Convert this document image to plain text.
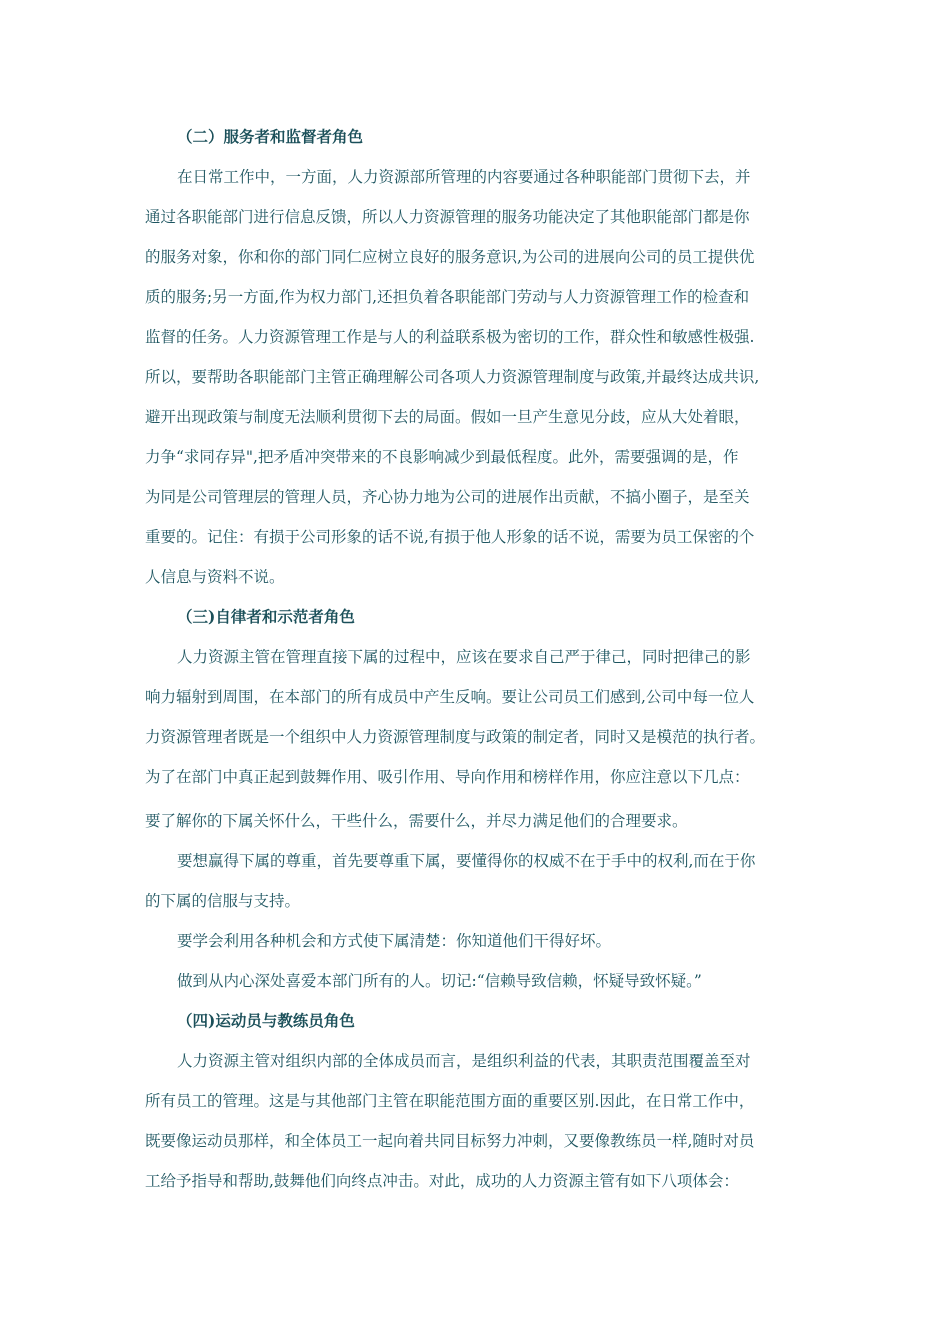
（二）服务者和监督者角色

在日常工作中，一方面，人力资源部所管理的内容要通过各种职能部门贯彻下去，并

通过各职能部门进行信息反馈，所以人力资源管理的服务功能决定了其他职能部门都是你

的服务对象，你和你的部门同仁应树立良好的服务意识,为公司的进展向公司的员工提供优

质的服务;另一方面,作为权力部门,还担负着各职能部门劳动与人力资源管理工作的检查和

监督的任务。人力资源管理工作是与人的利益联系极为密切的工作，群众性和敏感性极强.

所以，要帮助各职能部门主管正确理解公司各项人力资源管理制度与政策,并最终达成共识,

避开出现政策与制度无法顺利贯彻下去的局面。假如一旦产生意见分歧，应从大处着眼，

力争“求同存异",把矛盾冲突带来的不良影响减少到最低程度。此外，需要强调的是，作

为同是公司管理层的管理人员，齐心协力地为公司的进展作出贡献，不搞小圈子，是至关

重要的。记住：有损于公司形象的话不说,有损于他人形象的话不说，需要为员工保密的个

人信息与资料不说。

（三)自律者和示范者角色

人力资源主管在管理直接下属的过程中，应该在要求自己严于律己，同时把律己的影

响力辐射到周围，在本部门的所有成员中产生反响。要让公司员工们感到,公司中每一位人

力资源管理者既是一个组织中人力资源管理制度与政策的制定者，同时又是模范的执行者。

为了在部门中真正起到鼓舞作用、吸引作用、导向作用和榜样作用，你应注意以下几点：

要了解你的下属关怀什么，干些什么，需要什么，并尽力满足他们的合理要求。

要想赢得下属的尊重，首先要尊重下属，要懂得你的权威不在于手中的权利,而在于你

的下属的信服与支持。

要学会利用各种机会和方式使下属清楚：你知道他们干得好坏。

做到从内心深处喜爱本部门所有的人。切记:“信赖导致信赖，怀疑导致怀疑。”

（四)运动员与教练员角色

人力资源主管对组织内部的全体成员而言，是组织利益的代表，其职责范围覆盖至对

所有员工的管理。这是与其他部门主管在职能范围方面的重要区别.因此，在日常工作中，

既要像运动员那样，和全体员工一起向着共同目标努力冲刺，又要像教练员一样,随时对员

工给予指导和帮助,鼓舞他们向终点冲击。对此，成功的人力资源主管有如下八项体会：
